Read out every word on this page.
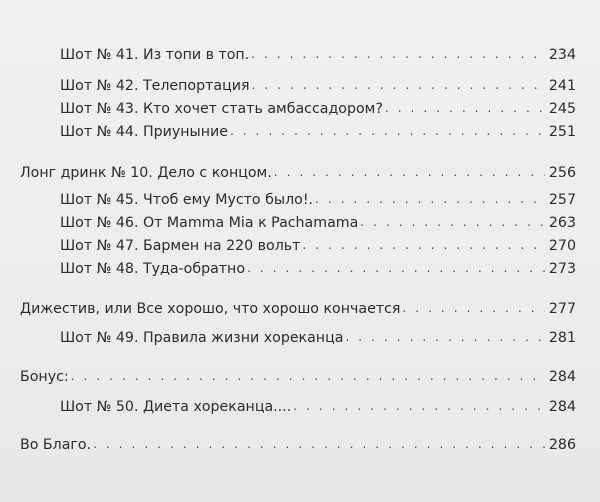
Шот № 41. Из топи в топ. . . .	234
Шот № 42. Телепортация . . .	241
Шот № 43. Кто хочет стать амбассадором? . . .	245
Шот № 44. Приуныние . . .	251
Лонг дринк № 10. Дело с концом. . . .	256
Шот № 45. Чтоб ему Мусто было!. . . .	257
Шот № 46. От Mamma Mia к Pachamama . . .	263
Шот № 47. Бармен на 220 вольт . . .	270
Шот № 48. Туда-обратно . . .	273
Дижестив, или Все хорошо, что хорошо кончается . . .	277
Шот № 49. Правила жизни хореканца . . .	281
Бонус: . . .	284
Шот № 50. Диета хореканца.... . . .	284
Во Благо. . . .	286
